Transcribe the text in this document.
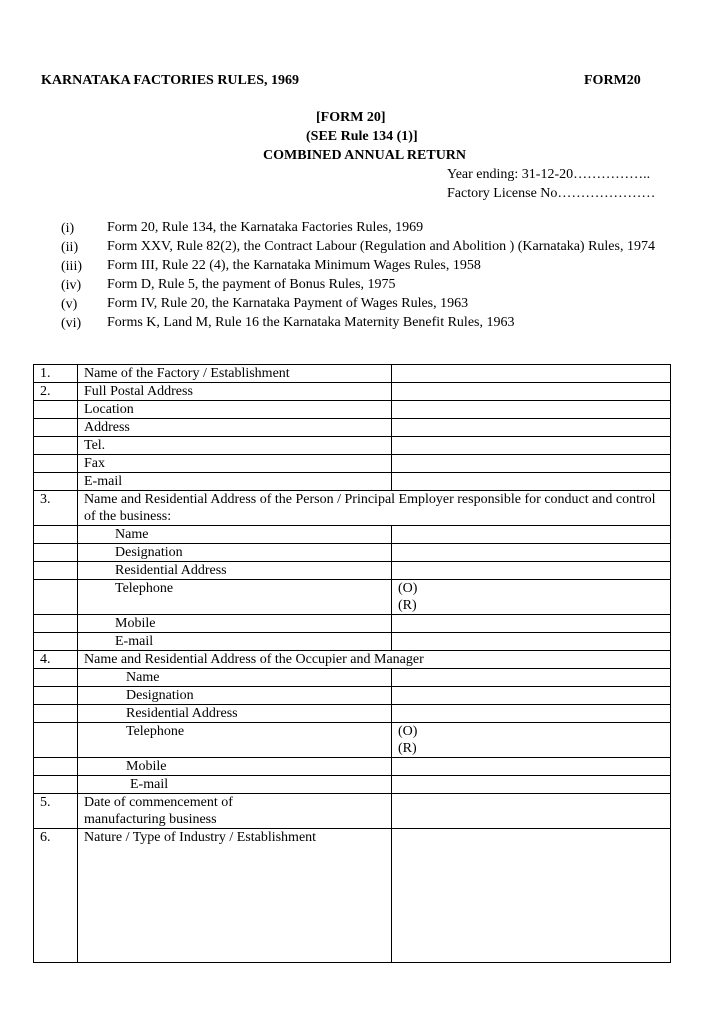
KARNATAKA FACTORIES RULES, 1969	FORM20
[FORM 20]
(SEE Rule 134 (1)]
COMBINED ANNUAL RETURN
Year ending: 31-12-20……………..
Factory License No…………………
(i)	Form 20, Rule 134, the Karnataka Factories Rules, 1969
(ii)	Form XXV, Rule 82(2), the Contract Labour (Regulation and Abolition ) (Karnataka) Rules, 1974
(iii)	Form III, Rule 22 (4), the Karnataka Minimum Wages Rules, 1958
(iv)	Form D, Rule 5, the payment of Bonus Rules, 1975
(v)	Form IV, Rule 20, the Karnataka Payment of Wages Rules, 1963
(vi)	Forms K, Land M, Rule 16 the Karnataka Maternity Benefit Rules, 1963
1.	Name of the Factory / Establishment	
2.	Full Postal Address	
	Location	
	Address	
	Tel.	
	Fax	
	E-mail	
3.	Name and Residential Address of the Person / Principal Employer responsible for conduct and control of the business:	
	Name	
	Designation	
	Residential Address	
	Telephone	(O)
(R)

	Mobile	
	E-mail	
4.	Name and Residential Address of the Occupier and Manager	
	Name	
	Designation	
	Residential Address	
	Telephone	(O)
(R)

	Mobile	
	E-mail	
5.	Date of commencement of
manufacturing business	

6.	Nature / Type of Industry / Establishment	
